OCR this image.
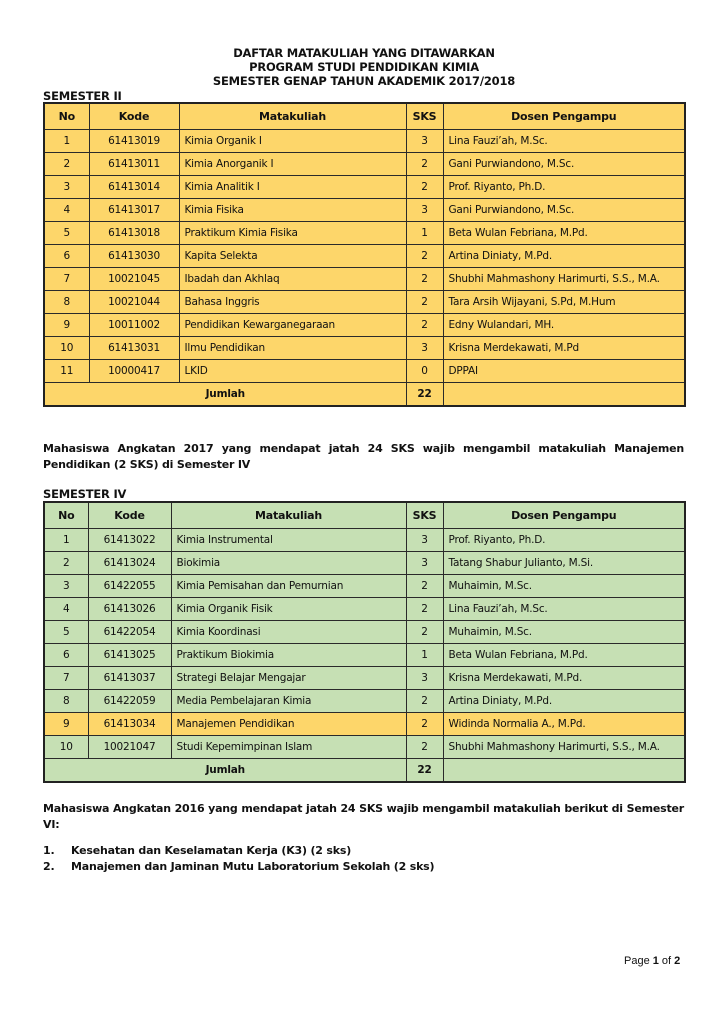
DAFTAR MATAKULIAH YANG DITAWARKAN
PROGRAM STUDI PENDIDIKAN KIMIA
SEMESTER GENAP TAHUN AKADEMIK 2017/2018
SEMESTER II
No	Kode	Matakuliah	SKS	Dosen Pengampu
1	61413019	Kimia Organik I	3	Lina Fauzi’ah, M.Sc.
2	61413011	Kimia Anorganik I	2	Gani Purwiandono, M.Sc.
3	61413014	Kimia Analitik I	2	Prof. Riyanto, Ph.D.
4	61413017	Kimia Fisika	3	Gani Purwiandono, M.Sc.
5	61413018	Praktikum Kimia Fisika	1	Beta Wulan Febriana, M.Pd.
6	61413030	Kapita Selekta	2	Artina Diniaty, M.Pd.
7	10021045	Ibadah dan Akhlaq	2	Shubhi Mahmashony Harimurti, S.S., M.A.
8	10021044	Bahasa Inggris	2	Tara Arsih Wijayani, S.Pd, M.Hum
9	10011002	Pendidikan Kewarganegaraan	2	Edny Wulandari, MH.
10	61413031	Ilmu Pendidikan	3	Krisna Merdekawati, M.Pd
11	10000417	LKID	0	DPPAI
Jumlah			22	
Mahasiswa Angkatan 2017 yang mendapat jatah 24 SKS wajib mengambil matakuliah Manajemen Pendidikan (2 SKS) di Semester IV
SEMESTER IV
No	Kode	Matakuliah	SKS	Dosen Pengampu
1	61413022	Kimia Instrumental	3	Prof. Riyanto, Ph.D.
2	61413024	Biokimia	3	Tatang Shabur Julianto, M.Si.
3	61422055	Kimia Pemisahan dan Pemurnian	2	Muhaimin, M.Sc.
4	61413026	Kimia Organik Fisik	2	Lina Fauzi’ah, M.Sc.
5	61422054	Kimia Koordinasi	2	Muhaimin, M.Sc.
6	61413025	Praktikum Biokimia	1	Beta Wulan Febriana, M.Pd.
7	61413037	Strategi Belajar Mengajar	3	Krisna Merdekawati, M.Pd.
8	61422059	Media Pembelajaran Kimia	2	Artina Diniaty, M.Pd.
9	61413034	Manajemen Pendidikan	2	Widinda Normalia A., M.Pd.
10	10021047	Studi Kepemimpinan Islam	2	Shubhi Mahmashony Harimurti, S.S., M.A.
Jumlah			22	
Mahasiswa Angkatan 2016 yang mendapat jatah 24 SKS wajib mengambil matakuliah berikut di Semester VI:
1.	Kesehatan dan Keselamatan Kerja (K3) (2 sks)
2.	Manajemen dan Jaminan Mutu Laboratorium Sekolah (2 sks)
Page 1 of 2
